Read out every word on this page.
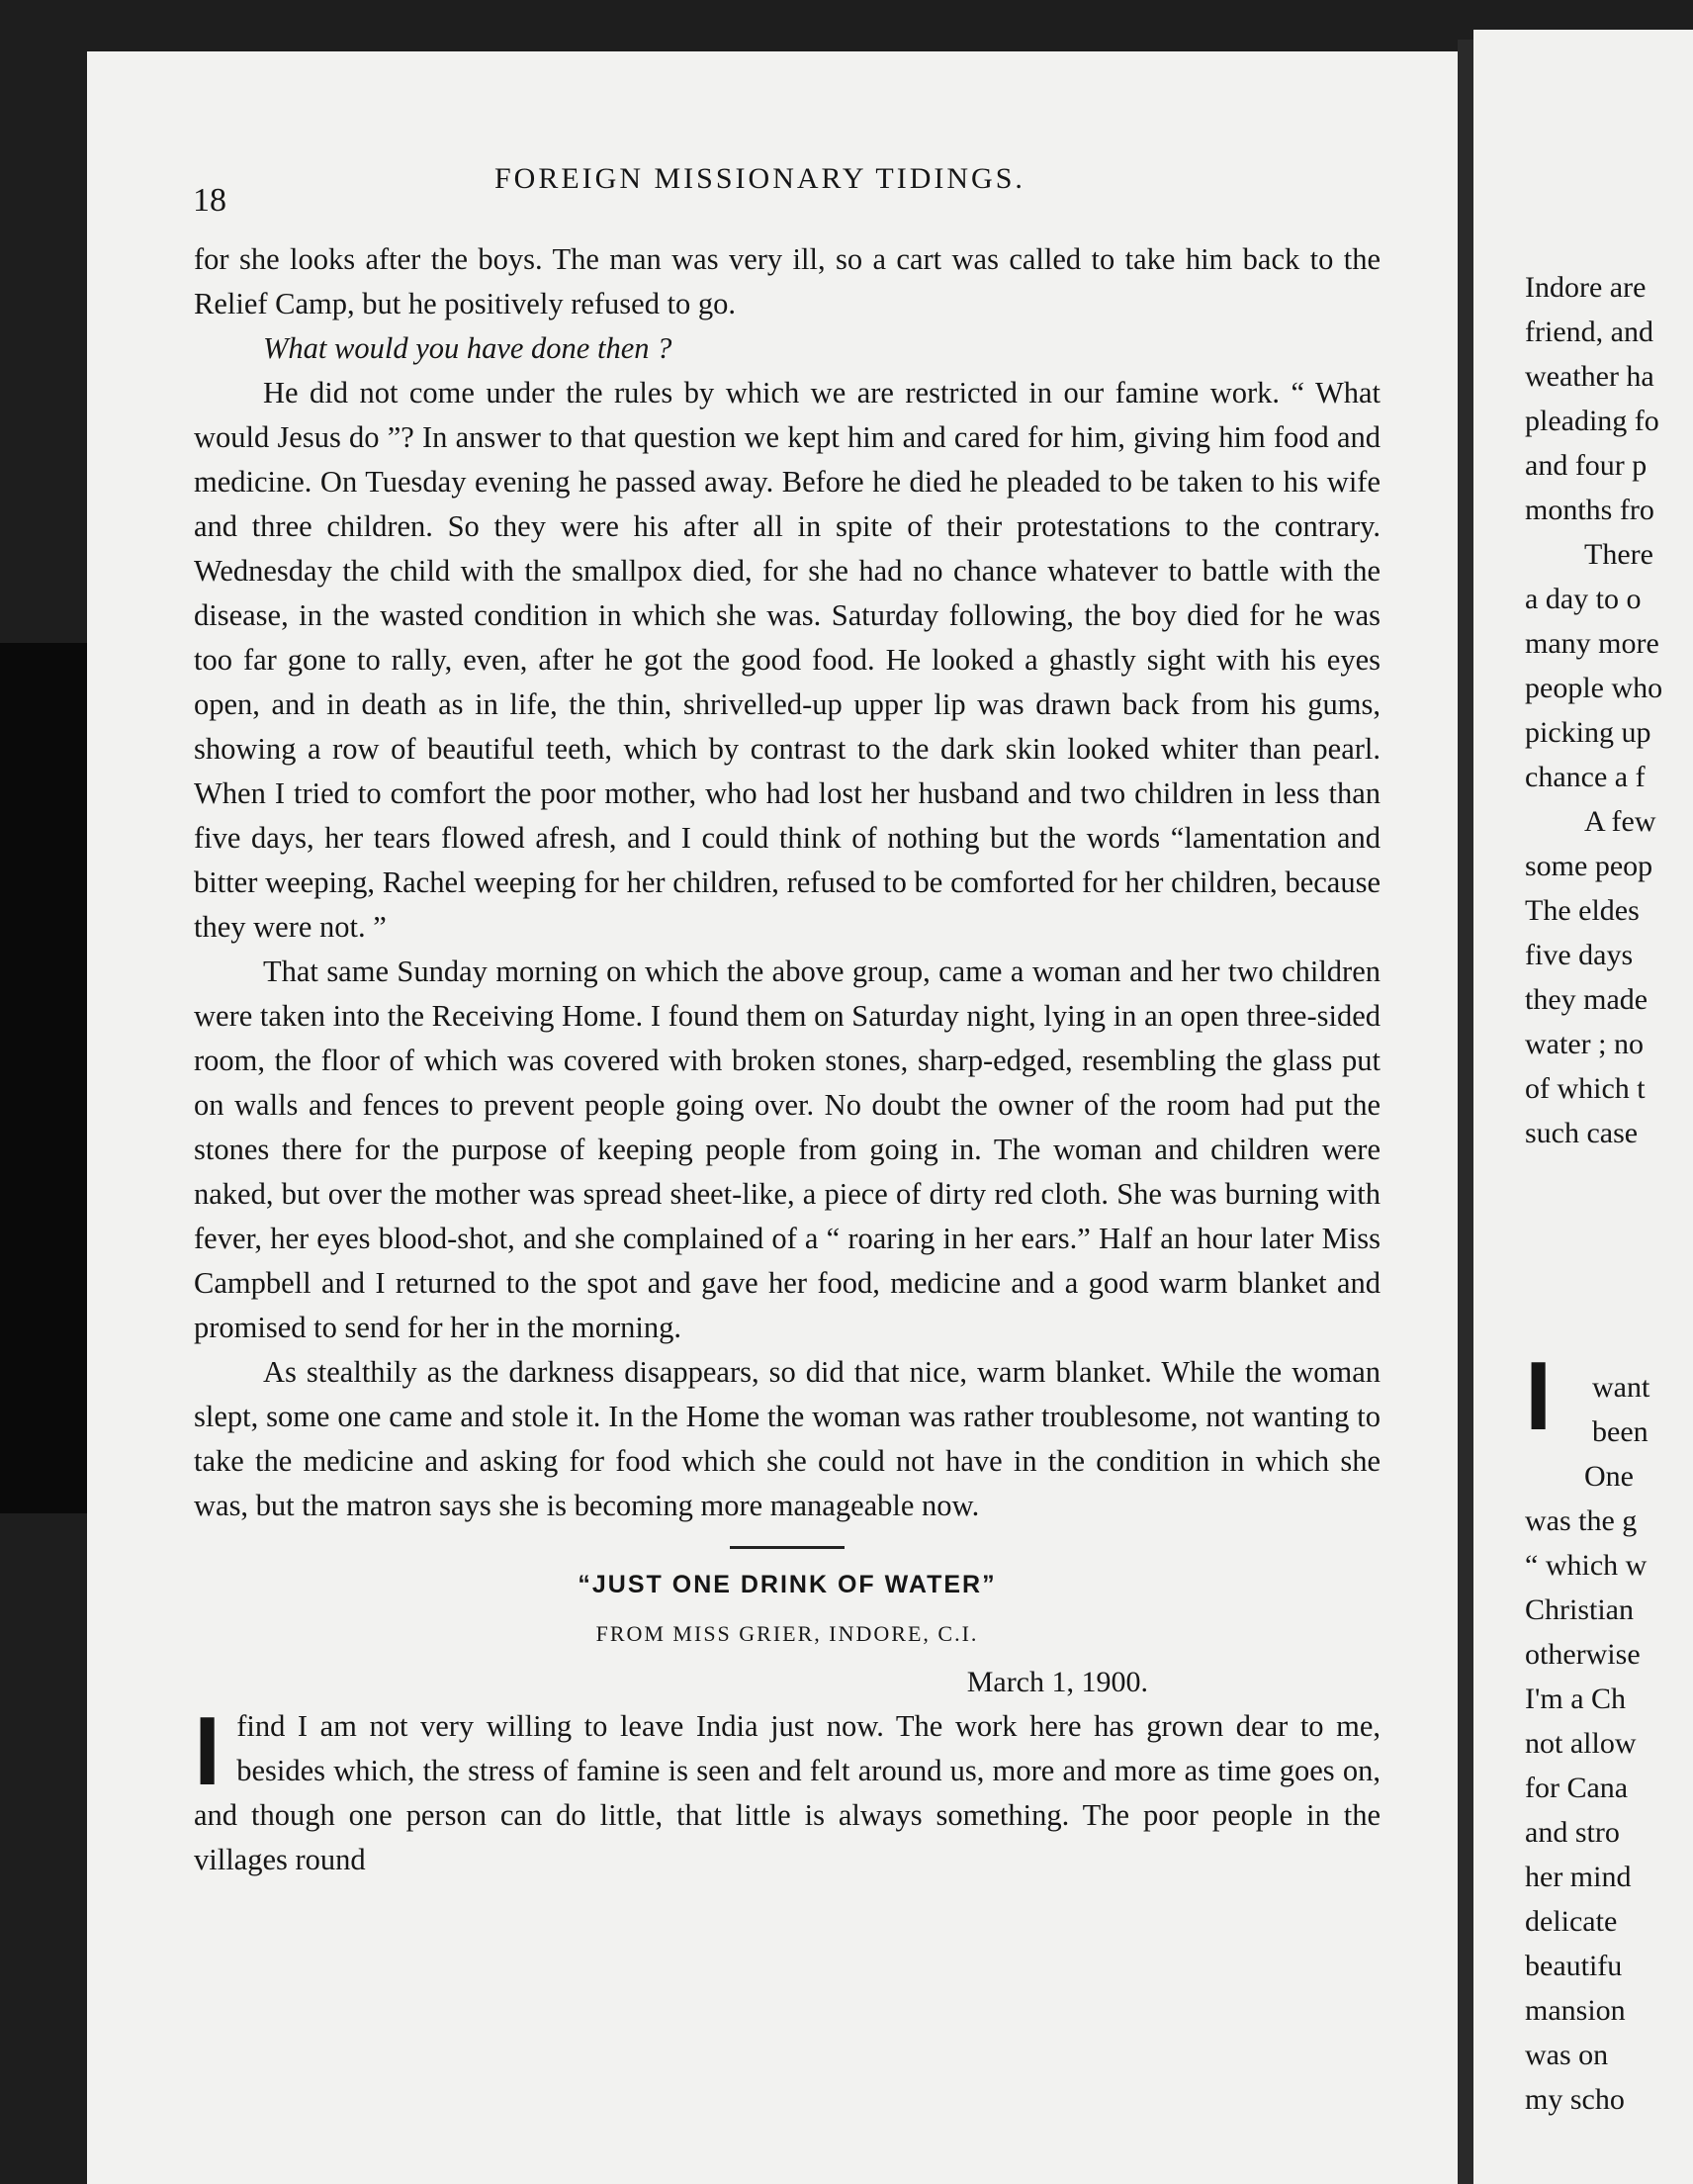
Indore are
friend, and
weather ha
pleading fo
and four p
months fro
There
a day to o
many more
people who
picking up
chance a f
A few
some peop
The eldes
five days
they made
water ; no
of which t
such case
I	want
been
One
was the g
“ which w
Christian
otherwise
I'm a Ch
not allow
for Cana
and stro
her mind
delicate
beautifu
mansion
was on
my scho
18
FOREIGN MISSIONARY TIDINGS.

for she looks after the boys. The man was very ill, so a cart was called to take him back to the Relief Camp, but he positively refused to go.

What would you have done then ?

He did not come under the rules by which we are restricted in our famine work. “ What would Jesus do ”? In answer to that question we kept him and cared for him, giving him food and medicine. On Tuesday evening he passed away. Before he died he pleaded to be taken to his wife and three children. So they were his after all in spite of their protestations to the contrary. Wednesday the child with the smallpox died, for she had no chance whatever to battle with the disease, in the wasted condition in which she was. Saturday following, the boy died for he was too far gone to rally, even, after he got the good food. He looked a ghastly sight with his eyes open, and in death as in life, the thin, shrivelled-up upper lip was drawn back from his gums, showing a row of beautiful teeth, which by contrast to the dark skin looked whiter than pearl. When I tried to comfort the poor mother, who had lost her husband and two children in less than five days, her tears flowed afresh, and I could think of nothing but the words “lamentation and bitter weeping, Rachel weeping for her children, refused to be comforted for her children, because they were not. ”

That same Sunday morning on which the above group, came a woman and her two children were taken into the Receiving Home. I found them on Saturday night, lying in an open three-sided room, the floor of which was covered with broken stones, sharp-edged, resembling the glass put on walls and fences to prevent people going over. No doubt the owner of the room had put the stones there for the purpose of keeping people from going in. The woman and children were naked, but over the mother was spread sheet-like, a piece of dirty red cloth. She was burning with fever, her eyes blood-shot, and she complained of a “ roaring in her ears.” Half an hour later Miss Campbell and I returned to the spot and gave her food, medicine and a good warm blanket and promised to send for her in the morning.

As stealthily as the darkness disappears, so did that nice, warm blanket. While the woman slept, some one came and stole it. In the Home the woman was rather troublesome, not wanting to take the medicine and asking for food which she could not have in the condition in which she was, but the matron says she is becoming more manageable now.

“JUST ONE DRINK OF WATER”
FROM MISS GRIER, INDORE, C.I.
March 1, 1900.

Ifind I am not very willing to leave India just now. The work here has grown dear to me, besides which, the stress of famine is seen and felt around us, more and more as time goes on, and though one person can do little, that little is always something. The poor people in the villages round
